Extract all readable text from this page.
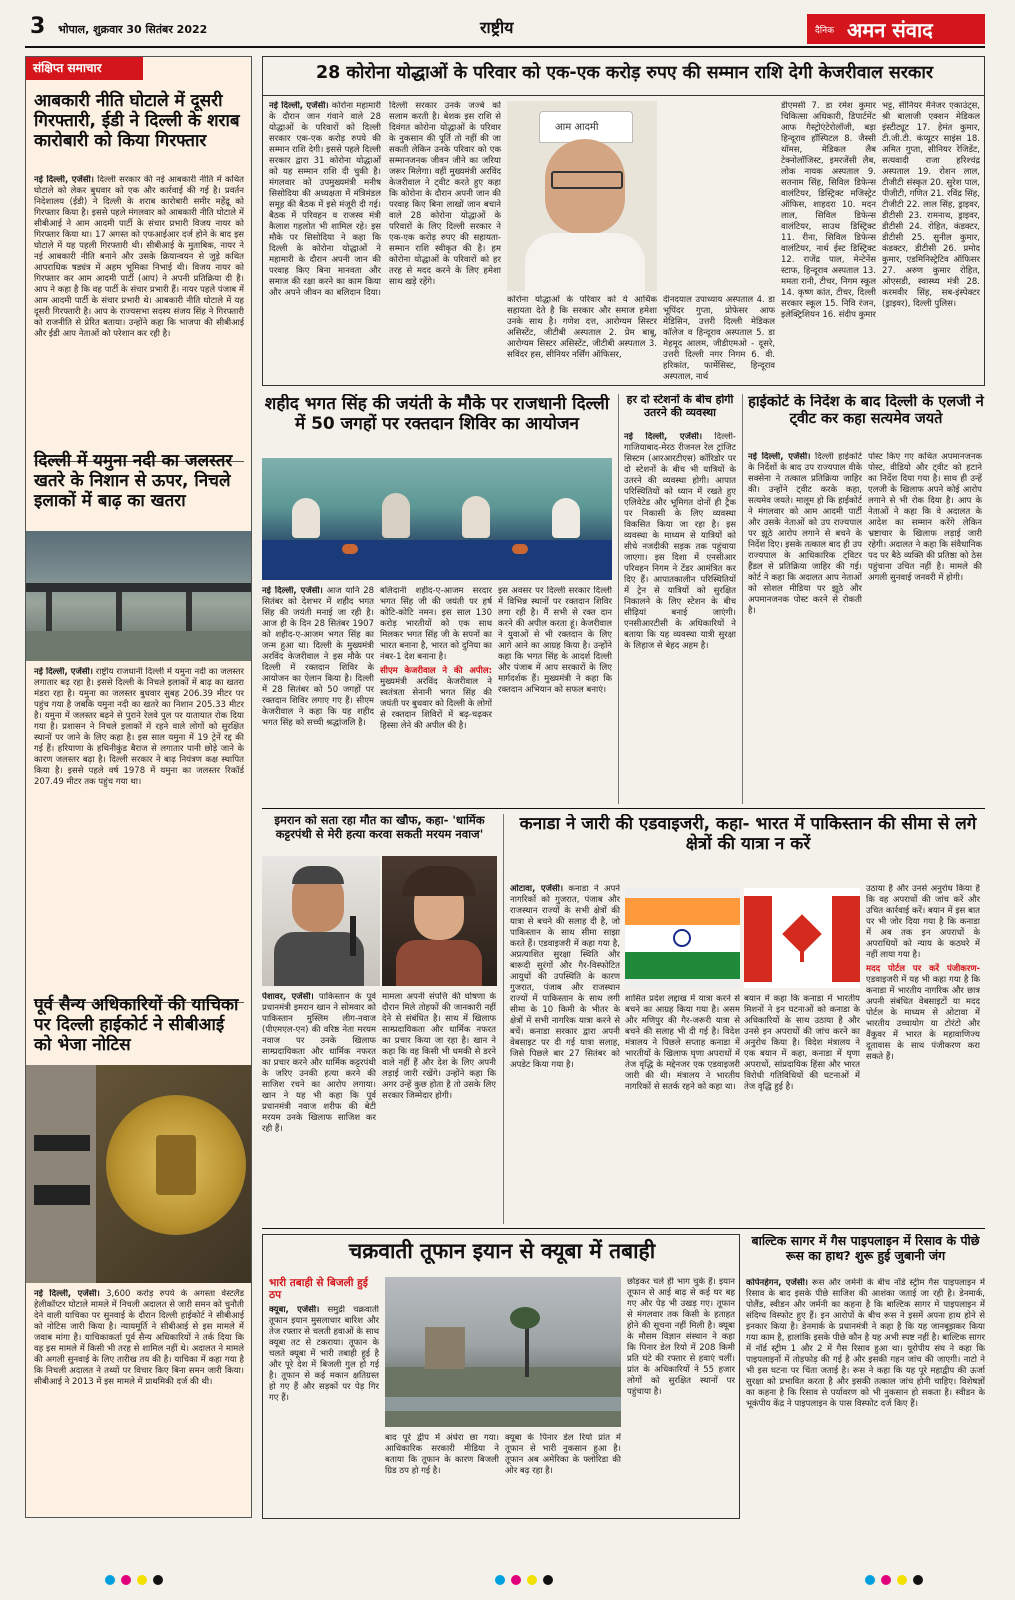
3 भोपाल, शुक्रवार 30 सितंबर 2022	राष्ट्रीय	दैनिक अमन संवाद
संक्षिप्त समाचार
आबकारी नीति घोटाले में दूसरी गिरफ्तारी, ईडी ने दिल्ली के शराब कारोबारी को किया गिरफ्तार
नई दिल्ली, एजेंसी। दिल्ली सरकार की नई आबकारी नीति में कथित घोटाले को लेकर बुधवार को एक और कार्रवाई की गई है। प्रवर्तन निदेशालय (ईडी) ने दिल्ली के शराब कारोबारी समीर महेंद्रू को गिरफ्तार किया है। इससे पहले मंगलवार को आबकारी नीति घोटाले में सीबीआई ने आम आदमी पार्टी के संचार प्रभारी विजय नायर को गिरफ्तार किया था। 17 अगस्त को एफआईआर दर्ज होने के बाद इस घोटाले में यह पहली गिरफ्तारी थी। सीबीआई के मुताबिक, नायर ने नई आबकारी नीति बनाने और उसके क्रियान्वयन से जुड़े कथित आपराधिक षड्यंत्र में अहम भूमिका निभाई थी। विजय नायर को गिरफ्तार कर आम आदमी पार्टी (आप) ने अपनी प्रतिक्रिया दी है। आप ने कहा है कि वह पार्टी के संचार प्रभारी हैं। नायर पहले पंजाब में आम आदमी पार्टी के संचार प्रभारी थे। आबकारी नीति घोटाले में यह दूसरी गिरफ्तारी है। आप के राज्यसभा सदस्य संजय सिंह ने गिरफ्तारी को राजनीति से प्रेरित बताया। उन्होंने कहा कि भाजपा की सीबीआई और ईडी आप नेताओं को परेशान कर रही है।
दिल्ली में यमुना नदी का जलस्तर खतरे के निशान से ऊपर, निचले इलाकों में बाढ़ का खतरा
नई दिल्ली, एजेंसी। राष्ट्रीय राजधानी दिल्ली में यमुना नदी का जलस्तर लगातार बढ़ रहा है। इससे दिल्ली के निचले इलाकों में बाढ़ का खतरा मंडरा रहा है। यमुना का जलस्तर बुधवार सुबह 206.39 मीटर पर पहुंच गया है जबकि यमुना नदी का खतरे का निशान 205.33 मीटर है। यमुना में जलस्तर बढ़ने से पुराने रेलवे पुल पर यातायात रोक दिया गया है। प्रशासन ने निचले इलाकों में रहने वाले लोगों को सुरक्षित स्थानों पर जाने के लिए कहा है। इस साल यमुना में 19 ट्रेनें रद्द की गई हैं। हरियाणा के हथिनीकुंड बैराज से लगातार पानी छोड़े जाने के कारण जलस्तर बढ़ा है। दिल्ली सरकार ने बाढ़ नियंत्रण कक्ष स्थापित किया है। इससे पहले वर्ष 1978 में यमुना का जलस्तर रिकॉर्ड 207.49 मीटर तक पहुंच गया था।
पूर्व सैन्य अधिकारियों की याचिका पर दिल्ली हाईकोर्ट ने सीबीआई को भेजा नोटिस
नई दिल्ली, एजेंसी। 3,600 करोड़ रुपये के अगस्ता वेस्टलैंड हेलीकॉप्टर घोटाले मामले में निचली अदालत से जारी समन को चुनौती देने वाली याचिका पर सुनवाई के दौरान दिल्ली हाईकोर्ट ने सीबीआई को नोटिस जारी किया है। न्यायमूर्ति ने सीबीआई से इस मामले में जवाब मांगा है। याचिकाकर्ता पूर्व सैन्य अधिकारियों ने तर्क दिया कि वह इस मामले में किसी भी तरह से शामिल नहीं थे। अदालत ने मामले की अगली सुनवाई के लिए तारीख तय की है। याचिका में कहा गया है कि निचली अदालत ने तथ्यों पर विचार किए बिना समन जारी किया। सीबीआई ने 2013 में इस मामले में प्राथमिकी दर्ज की थी।
28 कोरोना योद्धाओं के परिवार को एक-एक करोड़ रुपए की सम्मान राशि देगी केजरीवाल सरकार
नई दिल्ली, एजेंसी। कोरोना महामारी के दौरान जान गंवाने वाले 28 योद्धाओं के परिवारों को दिल्ली सरकार एक-एक करोड़ रुपये की सम्मान राशि देगी। इससे पहले दिल्ली सरकार द्वारा 31 कोरोना योद्धाओं को यह सम्मान राशि दी चुकी है। मंगलवार को उपमुख्यमंत्री मनीष सिसोदिया की अध्यक्षता में मंत्रिमंडल समूह की बैठक में इसे मंजूरी दी गई। बैठक में परिवहन व राजस्व मंत्री कैलाश गहलोत भी शामिल रहे। इस मौके पर सिसोदिया ने कहा कि दिल्ली के कोरोना योद्धाओं ने महामारी के दौरान अपनी जान की परवाह किए बिना मानवता और समाज की रक्षा करने का काम किया और अपने जीवन का बलिदान दिया। दिल्ली सरकार उनके जज्बे को सलाम करती है। बेशक इस राशि से दिवंगत कोरोना योद्धाओं के परिवार के नुकसान की पूर्ति तो नहीं की जा सकती लेकिन उनके परिवार को एक सम्मानजनक जीवन जीने का जरिया जरूर मिलेगा। वहीं मुख्यमंत्री अरविंद केजरीवाल ने ट्वीट करते हुए कहा कि कोरोना के दौरान अपनी जान की परवाह किए बिना लाखों जान बचाने वाले 28 कोरोना योद्धाओं के परिवारों के लिए दिल्ली सरकार ने एक-एक करोड़ रुपए की सहायता-सम्मान राशि स्वीकृत की है। हम कोरोना योद्धाओं के परिवारों को हर तरह से मदद करने के लिए हमेशा साथ खड़े रहेंगे।
आम आदमी
कोरोना योद्धाओं के परिवार को ये आर्थिक सहायता देते है कि सरकार और समाज हमेशा उनके साथ है। गणेश दत्त, आरोग्यम सिस्टर असिस्टेंट, जीटीबी अस्पताल 2. प्रेम बाबू, आरोग्यम सिस्टर असिस्टेंट, जीटीबी अस्पताल 3. सविंदर हस, सीनियर नर्सिंग ऑफिसर,
दीनदयाल उपाध्याय अस्पताल 4. डा भूपिंदर गुप्ता, प्रोफेसर आफ मेडिसिन, उत्तरी दिल्ली मेडिकल कॉलेज व हिन्दूराव अस्पताल 5. डा मेहमूद आलम, जीडीएमओ - दूसरे, उत्तरी दिल्ली नगर निगम 6. वी. हरिकांत, फार्मेसिस्ट, हिन्दूराव अस्पताल, नार्थ
डीएमसी 7. डा रमेश कुमार चिकित्सा अधिकारी, डिपार्टमेंट आफ गैस्ट्रोएंटेरोलॉजी, बड़ा हिन्दूराव हॉस्पिटल 8. जैस्सी थॉमस, मेडिकल लैब टेक्नोलॉजिस्ट, इमरजेंसी लैब, लोक नायक अस्पताल 9. सतनाम सिंह, सिविल डिफेन्स वालंटियर, डिस्ट्रिक्ट मजिस्ट्रेट ऑफिस, शाहदरा 10. मदन लाल, सिविल डिफेन्स वालंटियर, साउथ डिस्ट्रिक्ट 11. रीना, सिविल डिफेन्स वालंटियर, नार्थ ईस्ट डिस्ट्रिक्ट 12. राजेंद्र पाल, मेन्टेनेंस स्टाफ, हिन्दूराव अस्पताल 13. ममता रानी, टीचर, निगम स्कूल 14. कृष्ण कांत, टीचर, दिल्ली सरकार स्कूल 15. निवि रंजन, इलेक्ट्रिशियन 16. संदीप कुमार
भट्ट, सीनियर मैनेजर एकाउंट्स, श्री बालाजी एक्शन मेडिकल इंस्टीट्यूट 17. हेमंत कुमार, टी.जी.टी. कंप्यूटर साइंस 18. अमित गुप्ता, सीनियर रेजिडेंट, सत्यवादी राजा हरिश्चंद्र अस्पताल 19. रोशन लाल, टीजीटी संस्कृत 20. सुरेश पाल, पीजीटी, गणित 21. रविंद्र सिंह, टीजीटी 22. लाल सिंह, ड्राइवर, डीटीसी 23. रामनाथ, ड्राइवर, डीटीसी 24. रोहित, कंडक्टर, डीटीसी 25. सुनील कुमार, कंडक्टर, डीटीसी 26. प्रमोद कुमार, एडमिनिस्ट्रेटिव ऑफिसर 27. अरुण कुमार रोहित, ओएसडी, स्वास्थ्य मंत्री 28. करमवीर सिंह, सब-इंस्पेक्टर (ड्राइवर), दिल्ली पुलिस।
शहीद भगत सिंह की जयंती के मौके पर राजधानी दिल्ली में 50 जगहों पर रक्तदान शिविर का आयोजन
नई दिल्ली, एजेंसी। आज यानि 28 सितंबर को देशभर में शहीद भगत सिंह की जयंती मनाई जा रही है। आज ही के दिन 28 सितंबर 1907 को शहीद-ए-आजम भगत सिंह का जन्म हुआ था। दिल्ली के मुख्यमंत्री अरविंद केजरीवाल ने इस मौके पर दिल्ली में रक्तदान शिविर के आयोजन का ऐलान किया है। दिल्ली में 28 सितंबर को 50 जगहों पर रक्तदान शिविर लगाए गए हैं। सीएम केजरीवाल ने कहा कि यह शहीद भगत सिंह को सच्ची श्रद्धांजलि है।

बलिदानी शहीद-ए-आजम सरदार भगत सिंह जी की जयंती पर हर्ष कोटि-कोटि नमन। इस साल 130 करोड़ भारतीयों को एक साथ मिलकर भगत सिंह जी के सपनों का भारत बनाना है, भारत को दुनिया का नंबर-1 देश बनाना है।

सीएम केजरीवाल ने की अपील: मुख्यमंत्री अरविंद केजरीवाल ने स्वतंत्रता सेनानी भगत सिंह की जयंती पर बुधवार को दिल्ली के लोगों से रक्तदान शिविरों में बढ़-चढ़कर हिस्सा लेने की अपील की है।

इस अवसर पर दिल्ली सरकार दिल्ली में विभिन्न स्थानों पर रक्तदान शिविर लगा रही है। मैं सभी से रक्त दान करने की अपील करता हूं। केजरीवाल ने युवाओं से भी रक्तदान के लिए आगे आने का आग्रह किया है। उन्होंने कहा कि भगत सिंह के आदर्श दिल्ली और पंजाब में आप सरकारों के लिए मार्गदर्शक हैं। मुख्यमंत्री ने कहा कि रक्तदान अभियान को सफल बनाएं।
हर दो स्टेशनों के बीच होगी उतरने की व्यवस्था
नई दिल्ली, एजेंसी। दिल्ली-गाजियाबाद-मेरठ रीजनल रेल ट्रांजिट सिस्टम (आरआरटीएस) कॉरिडोर पर दो स्टेशनों के बीच भी यात्रियों के उतरने की व्यवस्था होगी। आपात परिस्थितियों को ध्यान में रखते हुए एलिवेटेड और भूमिगत दोनों ही ट्रैक पर निकासी के लिए व्यवस्था विकसित किया जा रहा है। इस व्यवस्था के माध्यम से यात्रियों को सीधे नजदीकी सड़क तक पहुंचाया जाएगा। इस दिशा में एनसीआर परिवहन निगम ने टेंडर आमंत्रित कर दिए हैं। आपातकालीन परिस्थितियों में ट्रेन से यात्रियों को सुरक्षित निकालने के लिए स्टेशन के बीच सीढ़ियां बनाई जाएंगी। एनसीआरटीसी के अधिकारियों ने बताया कि यह व्यवस्था यात्री सुरक्षा के लिहाज से बेहद अहम है।
हाईकोर्ट के निर्देश के बाद दिल्ली के एलजी ने ट्वीट कर कहा सत्यमेव जयते
नई दिल्ली, एजेंसी। दिल्ली हाईकोर्ट के निर्देशों के बाद उप राज्यपाल वीके सक्सेना ने तत्काल प्रतिक्रिया जाहिर की। उन्होंने ट्वीट करके कहा, सत्यमेव जयते। मालूम हो कि हाईकोर्ट ने मंगलवार को आम आदमी पार्टी और उसके नेताओं को उप राज्यपाल पर झूठे आरोप लगाने से बचने के निर्देश दिए। इसके तत्काल बाद ही उप राज्यपाल के आधिकारिक ट्विटर हैंडल से प्रतिक्रिया जाहिर की गई। कोर्ट ने कहा कि अदालत आप नेताओं को सोशल मीडिया पर झूठे और अपमानजनक पोस्ट करने से रोकती है।
पोस्ट किए गए कथित अपमानजनक पोस्ट, वीडियो और ट्वीट को हटाने का निर्देश दिया गया है। साथ ही उन्हें एलजी के खिलाफ अपने कोई आरोप लगाने से भी रोक दिया है। आप के नेताओं ने कहा कि वे अदालत के आदेश का सम्मान करेंगे लेकिन भ्रष्टाचार के खिलाफ लड़ाई जारी रहेगी। अदालत ने कहा कि संवैधानिक पद पर बैठे व्यक्ति की प्रतिष्ठा को ठेस पहुंचाना उचित नहीं है। मामले की अगली सुनवाई जनवरी में होगी।
इमरान को सता रहा मौत का खौफ, कहा- 'धार्मिक कट्टरपंथी से मेरी हत्या करवा सकती मरयम नवाज'
पेशावर, एजेंसी। पाकिस्तान के पूर्व प्रधानमंत्री इमरान खान ने सोमवार को पाकिस्तान मुस्लिम लीग-नवाज (पीएमएल-एन) की वरिष्ठ नेता मरयम नवाज पर उनके खिलाफ साम्प्रदायिकता और धार्मिक नफरत का प्रचार करने और धार्मिक कट्टरपंथी के जरिए उनकी हत्या करने की साजिश रचने का आरोप लगाया। खान ने यह भी कहा कि पूर्व प्रधानमंत्री नवाज शरीफ की बेटी मरयम उनके खिलाफ साजिश कर रही हैं।
मामला अपनी संपत्ति की घोषणा के दौरान मिले तोहफों की जानकारी नहीं देने से संबंधित है। साथ में खिलाफ साम्प्रदायिकता और धार्मिक नफरत का प्रचार किया जा रहा है। खान ने कहा कि वह किसी भी धमकी से डरने वाले नहीं हैं और देश के लिए अपनी लड़ाई जारी रखेंगे। उन्होंने कहा कि अगर उन्हें कुछ होता है तो उसके लिए सरकार जिम्मेदार होगी।
कनाडा ने जारी की एडवाइजरी, कहा- भारत में पाकिस्तान की सीमा से लगे क्षेत्रों की यात्रा न करें
ओटावा, एजेंसी। कनाडा ने अपने नागरिकों को गुजरात, पंजाब और राजस्थान राज्यों के सभी क्षेत्रों की यात्रा से बचने की सलाह दी है, जो पाकिस्तान के साथ सीमा साझा करते हैं। एडवाइजरी में कहा गया है, अप्रत्याशित सुरक्षा स्थिति और बारूदी सुरंगों और गैर-विस्फोटित आयुधों की उपस्थिति के कारण गुजरात, पंजाब और राजस्थान राज्यों में पाकिस्तान के साथ लगी सीमा के 10 किमी के भीतर के क्षेत्रों में सभी नागरिक यात्रा करने से बचें। कनाडा सरकार द्वारा अपनी वेबसाइट पर दी गई यात्रा सलाह, जिसे पिछले बार 27 सितंबर को अपडेट किया गया है।
शासित प्रदेश लद्दाख में यात्रा करने से बचने का आग्रह किया गया है। असम और मणिपुर की गैर-जरूरी यात्रा से बचने की सलाह भी दी गई है। विदेश मंत्रालय ने पिछले सप्ताह कनाडा में भारतीयों के खिलाफ घृणा अपराधों में तेज वृद्धि के मद्देनजर एक एडवाइजरी जारी की थी। मंत्रालय ने भारतीय नागरिकों से सतर्क रहने को कहा था।
बयान में कहा कि कनाडा में भारतीय मिशनों ने इन घटनाओं को कनाडा के अधिकारियों के साथ उठाया है और उनसे इन अपराधों की जांच करने का अनुरोध किया है। विदेश मंत्रालय ने एक बयान में कहा, कनाडा में घृणा अपराधों, सांप्रदायिक हिंसा और भारत विरोधी गतिविधियों की घटनाओं में तेज वृद्धि हुई है।

उठाया है और उनसे अनुरोध किया है कि वह अपराधों की जांच करें और उचित कार्रवाई करें। बयान में इस बात पर भी जोर दिया गया है कि कनाडा में अब तक इन अपराधों के अपराधियों को न्याय के कठघरे में नहीं लाया गया है।

मदद पोर्टल पर करें पंजीकरण- एडवाइजरी में यह भी कहा गया है कि कनाडा में भारतीय नागरिक और छात्र अपनी संबंधित वेबसाइटों या मदद पोर्टल के माध्यम से ओटावा में भारतीय उच्चायोग या टोरंटो और वैंकूवर में भारत के महावाणिज्य दूतावास के साथ पंजीकरण करा सकते हैं।

चक्रवाती तूफान इयान से क्यूबा में तबाही
भारी तबाही से बिजली हुई ठप
क्यूबा, एजेंसी। समुद्री चक्रवाती तूफान इयान मुसलाधार बारिश और तेज रफ्तार से चलती हवाओं के साथ क्यूबा तट से टकराया। तूफान के चलते क्यूबा में भारी तबाही हुई है और पूरे देश में बिजली गुल हो गई है। तूफान से कई मकान क्षतिग्रस्त हो गए हैं और सड़कों पर पेड़ गिर गए हैं।
बाद पूरे द्वीप में अंधेरा छा गया। आधिकारिक सरकारी मीडिया ने बताया कि तूफान के कारण बिजली ग्रिड ठप हो गई है।
क्यूबा के पिनार डेल रियो प्रांत में तूफान से भारी नुकसान हुआ है। तूफान अब अमेरिका के फ्लोरिडा की ओर बढ़ रहा है।
छोड़कर चले ही भाग चुके हैं। इयान तूफान से आई बाढ़ से कई घर बह गए और पेड़ भी उखड़ गए। तूफान से मंगलवार तक किसी के हताहत होने की सूचना नहीं मिली है। क्यूबा के मौसम विज्ञान संस्थान ने कहा कि पिनार डेल रियो में 208 किमी प्रति घंटे की रफ्तार से हवाएं चलीं। प्रांत के अधिकारियों ने 55 हजार लोगों को सुरक्षित स्थानों पर पहुंचाया है।
बाल्टिक सागर में गैस पाइपलाइन में रिसाव के पीछे रूस का हाथ? शुरू हुई जुबानी जंग
कोपेनहेगन, एजेंसी। रूस और जर्मनी के बीच नॉर्ड स्ट्रीम गैस पाइपलाइन में रिसाव के बाद इसके पीछे साजिश की आशंका जताई जा रही है। डेनमार्क, पोलैंड, स्वीडन और जर्मनी का कहना है कि बाल्टिक सागर में पाइपलाइन में संदिग्ध विस्फोट हुए हैं। इन आरोपों के बीच रूस ने इसमें अपना हाथ होने से इनकार किया है। डेनमार्क के प्रधानमंत्री ने कहा है कि यह जानबूझकर किया गया काम है, हालांकि इसके पीछे कौन है यह अभी स्पष्ट नहीं है। बाल्टिक सागर में नॉर्ड स्ट्रीम 1 और 2 में गैस रिसाव हुआ था। यूरोपीय संघ ने कहा कि पाइपलाइनों में तोड़फोड़ की गई है और इसकी गहन जांच की जाएगी। नाटो ने भी इस घटना पर चिंता जताई है। रूस ने कहा कि यह पूरे महाद्वीप की ऊर्जा सुरक्षा को प्रभावित करता है और इसकी तत्काल जांच होनी चाहिए। विशेषज्ञों का कहना है कि रिसाव से पर्यावरण को भी नुकसान हो सकता है। स्वीडन के भूकंपीय केंद्र ने पाइपलाइन के पास विस्फोट दर्ज किए हैं।
